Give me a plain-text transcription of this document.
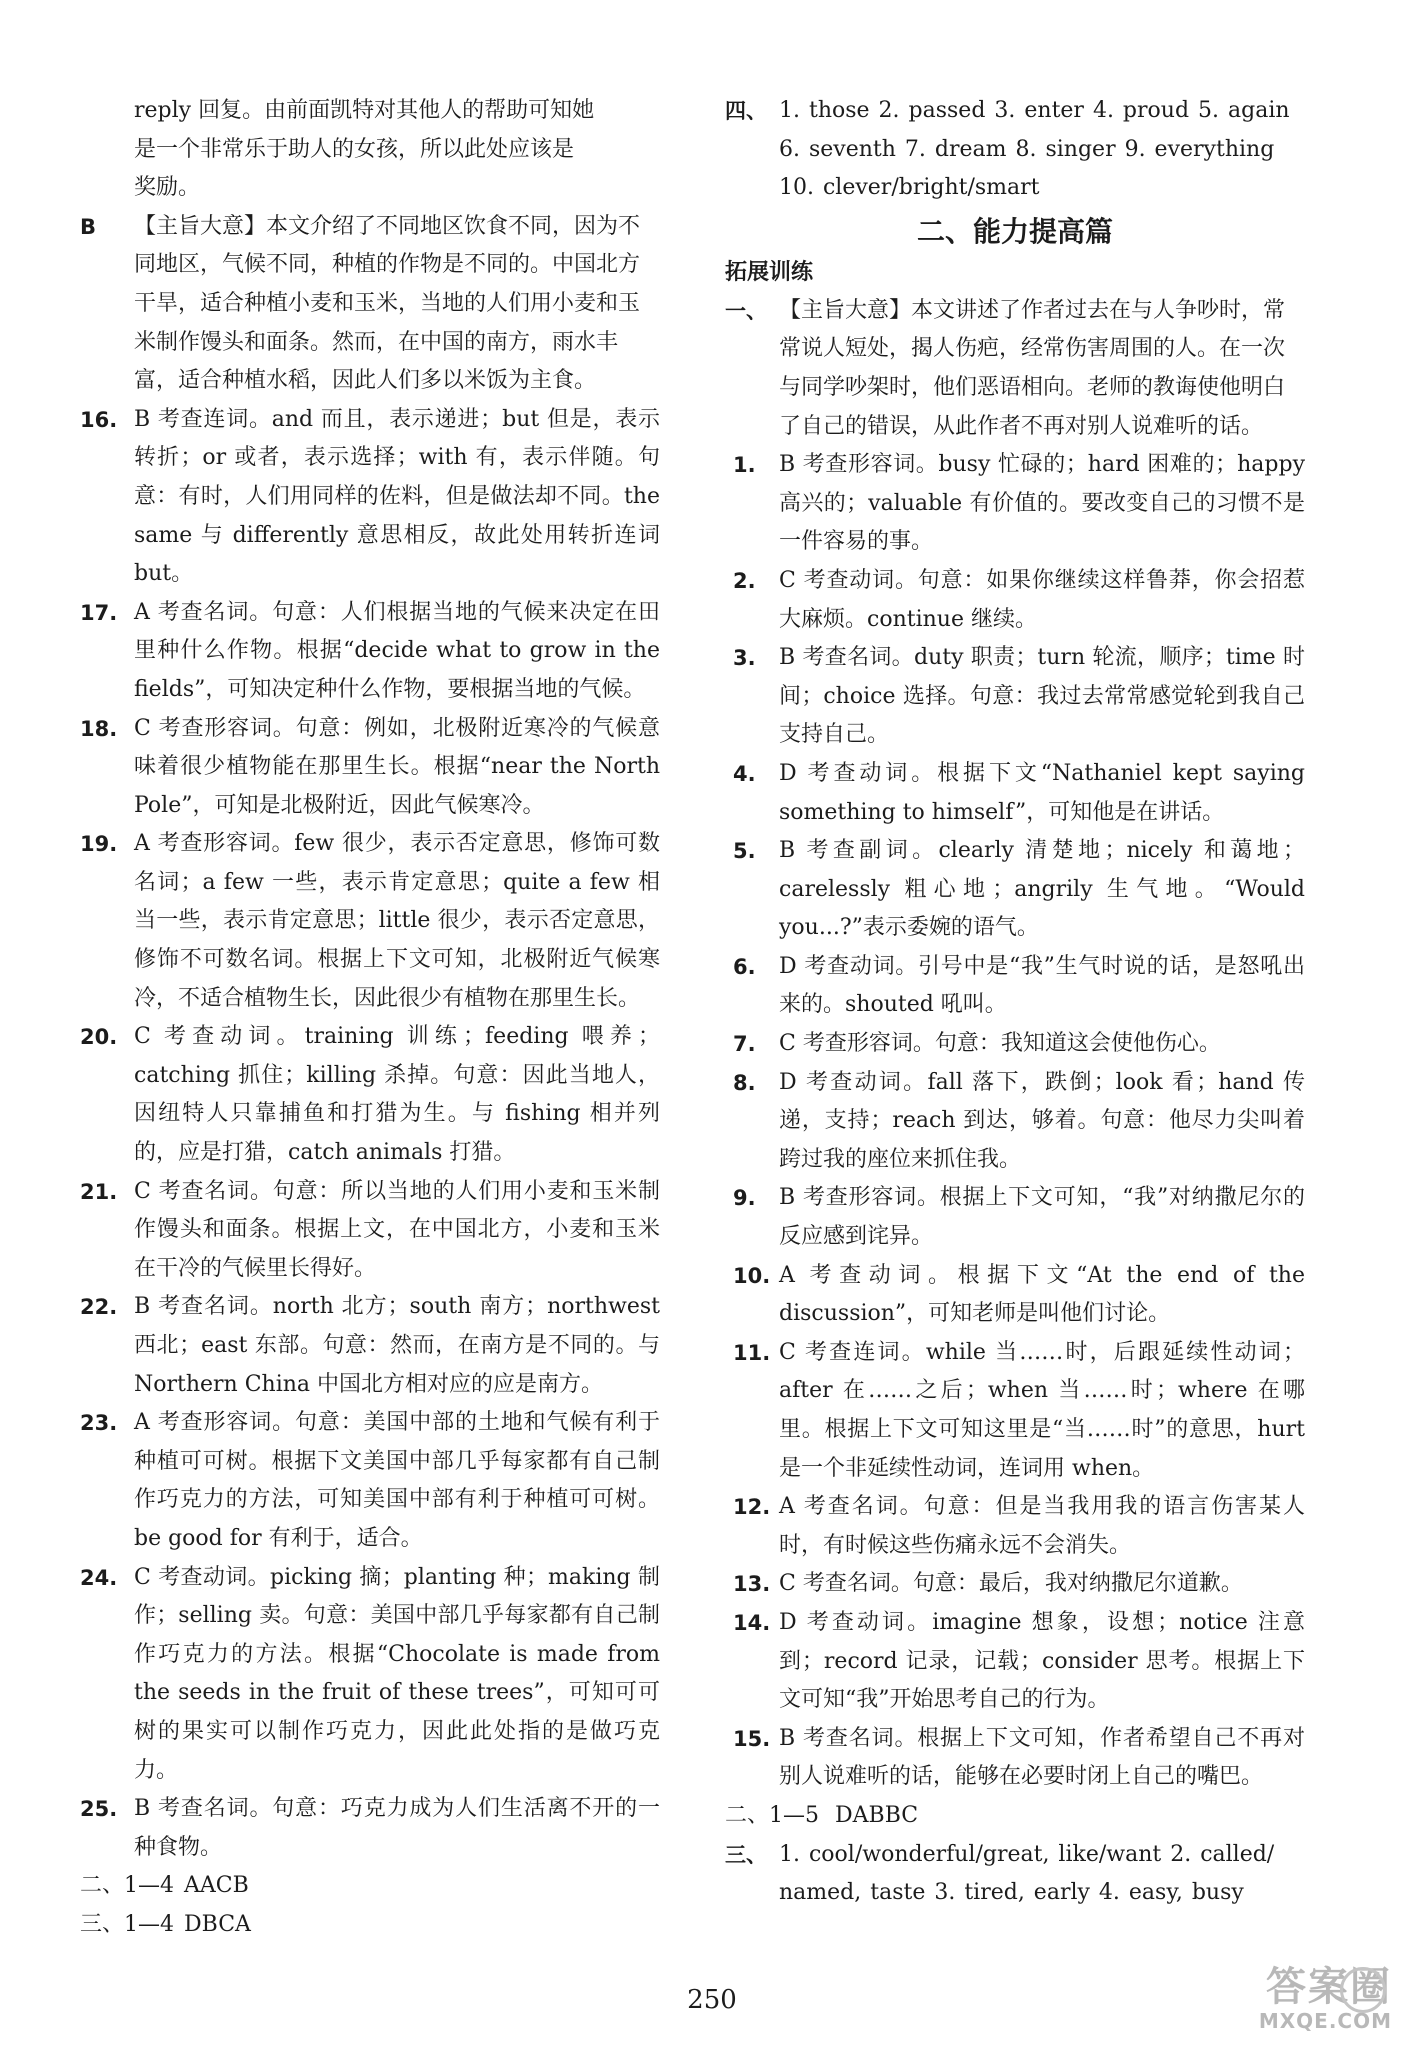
reply 回复。由前面凯特对其他人的帮助可知她

是一个非常乐于助人的女孩，所以此处应该是

奖励。

B 【主旨大意】本文介绍了不同地区饮食不同，因为不同地区，气候不同，种植的作物是不同的。中国北方干旱，适合种植小麦和玉米，当地的人们用小麦和玉米制作馒头和面条。然而，在中国的南方，雨水丰富，适合种植水稻，因此人们多以米饭为主食。
16. B 考查连词。and 而且，表示递进；but 但是，表示转折；or 或者，表示选择；with 有，表示伴随。句意：有时，人们用同样的佐料，但是做法却不同。the same 与 differently 意思相反，故此处用转折连词 but。
17. A 考查名词。句意：人们根据当地的气候来决定在田里种什么作物。根据“decide what to grow in the fields”，可知决定种什么作物，要根据当地的气候。
18. C 考查形容词。句意：例如，北极附近寒冷的气候意味着很少植物能在那里生长。根据“near the North Pole”，可知是北极附近，因此气候寒冷。
19. A 考查形容词。few 很少，表示否定意思，修饰可数名词；a few 一些，表示肯定意思；quite a few 相当一些，表示肯定意思；little 很少，表示否定意思，修饰不可数名词。根据上下文可知，北极附近气候寒冷，不适合植物生长，因此很少有植物在那里生长。
20. C 考查动词。training 训练；feeding 喂养；catching 抓住；killing 杀掉。句意：因此当地人，因纽特人只靠捕鱼和打猎为生。与 fishing 相并列的，应是打猎，catch animals 打猎。
21. C 考查名词。句意：所以当地的人们用小麦和玉米制作馒头和面条。根据上文，在中国北方，小麦和玉米在干冷的气候里长得好。
22. B 考查名词。north 北方；south 南方；northwest 西北；east 东部。句意：然而，在南方是不同的。与 Northern China 中国北方相对应的应是南方。
23. A 考查形容词。句意：美国中部的土地和气候有利于种植可可树。根据下文美国中部几乎每家都有自己制作巧克力的方法，可知美国中部有利于种植可可树。be good for 有利于，适合。
24. C 考查动词。picking 摘；planting 种；making 制作；selling 卖。句意：美国中部几乎每家都有自己制作巧克力的方法。根据“Chocolate is made from the seeds in the fruit of these trees”，可知可可树的果实可以制作巧克力，因此此处指的是做巧克力。
25. B 考查名词。句意：巧克力成为人们生活离不开的一种食物。
二、1—4 AACB
三、1—4 DBCA
四、 1. those 2. passed 3. enter 4. proud 5. again
6. seventh 7. dream 8. singer 9. everything
10. clever/bright/smart
二、能力提高篇
拓展训练
一、 【主旨大意】本文讲述了作者过去在与人争吵时，常常说人短处，揭人伤疤，经常伤害周围的人。在一次与同学吵架时，他们恶语相向。老师的教诲使他明白了自己的错误，从此作者不再对别人说难听的话。
1. B 考查形容词。busy 忙碌的；hard 困难的；happy 高兴的；valuable 有价值的。要改变自己的习惯不是一件容易的事。
2. C 考查动词。句意：如果你继续这样鲁莽，你会招惹大麻烦。continue 继续。
3. B 考查名词。duty 职责；turn 轮流，顺序；time 时间；choice 选择。句意：我过去常常感觉轮到我自己支持自己。
4. D 考查动词。根据下文“Nathaniel kept saying something to himself”，可知他是在讲话。
5. B 考查副词。clearly 清楚地；nicely 和蔼地；carelessly 粗心地；angrily 生气地。“Would you...?”表示委婉的语气。
6. D 考查动词。引号中是“我”生气时说的话，是怒吼出来的。shouted 吼叫。
7. C 考查形容词。句意：我知道这会使他伤心。
8. D 考查动词。fall 落下，跌倒；look 看；hand 传递，支持；reach 到达，够着。句意：他尽力尖叫着跨过我的座位来抓住我。
9. B 考查形容词。根据上下文可知，“我”对纳撒尼尔的反应感到诧异。
10. A 考查动词。根据下文“At the end of the discussion”，可知老师是叫他们讨论。
11. C 考查连词。while 当……时，后跟延续性动词；after 在……之后；when 当……时；where 在哪里。根据上下文可知这里是“当……时”的意思，hurt 是一个非延续性动词，连词用 when。
12. A 考查名词。句意：但是当我用我的语言伤害某人时，有时候这些伤痛永远不会消失。
13. C 考查名词。句意：最后，我对纳撒尼尔道歉。
14. D 考查动词。imagine 想象，设想；notice 注意到；record 记录，记载；consider 思考。根据上下文可知“我”开始思考自己的行为。
15. B 考查名词。根据上下文可知，作者希望自己不再对别人说难听的话，能够在必要时闭上自己的嘴巴。
二、1—5 DABBC
三、 1. cool/wonderful/great, like/want 2. called/
named, taste 3. tired, early 4. easy, busy
250	答案圈
MXQE.COM
